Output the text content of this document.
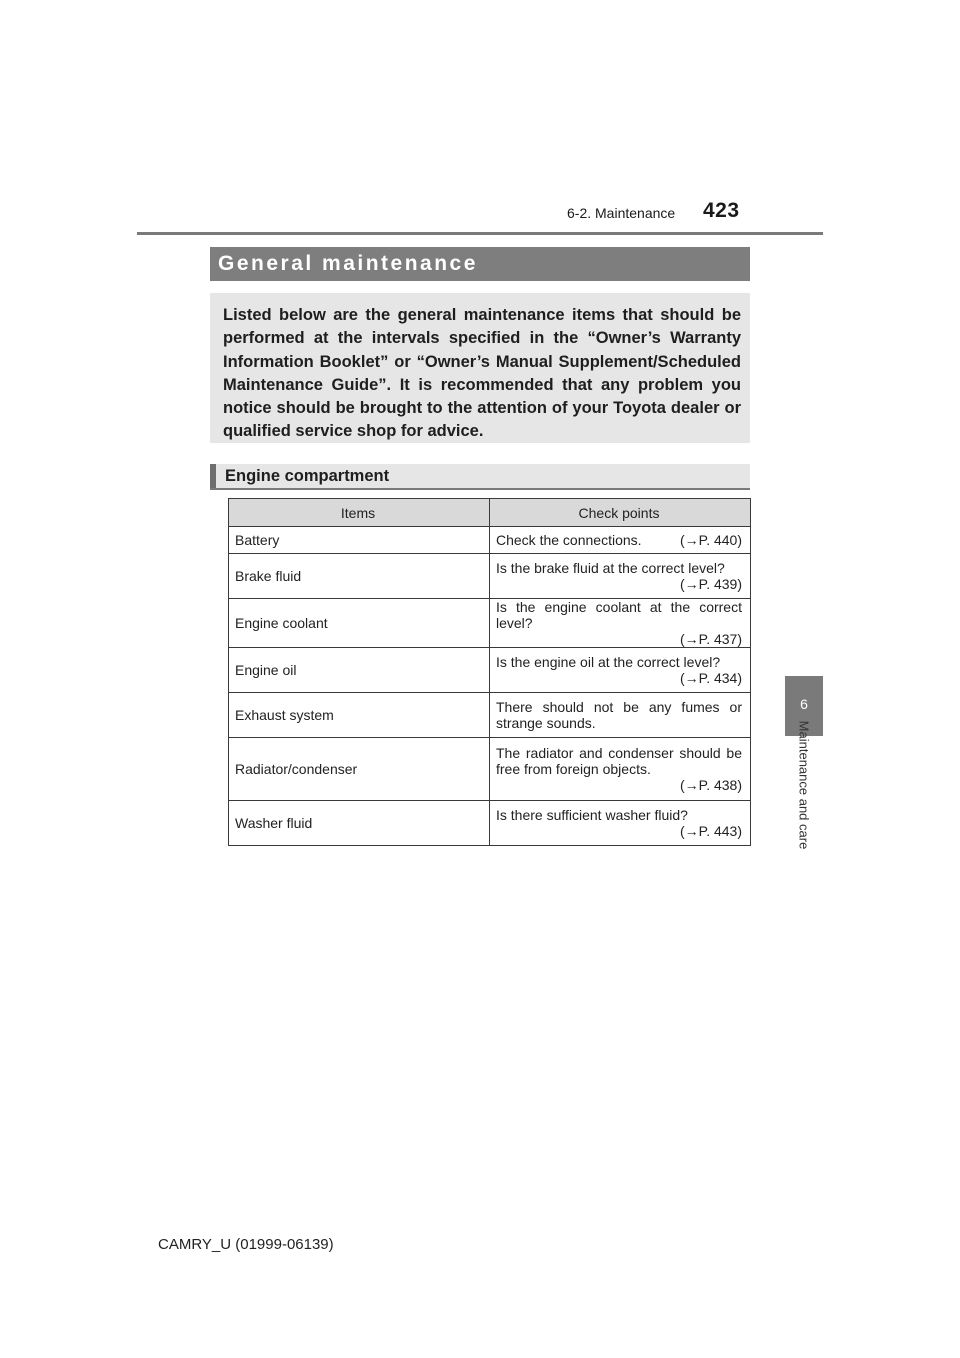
6-2. Maintenance 423
6
Maintenance and care
General maintenance
Listed below are the general maintenance items that should be performed at the intervals specified in the “Owner’s Warranty Information Booklet” or “Owner’s Manual Supplement/Scheduled Maintenance Guide”. It is recommended that any problem you notice should be brought to the attention of your Toyota dealer or qualified service shop for advice.
Engine compartment
Items	Check points
Battery	Check the connections. (→P. 440)

Brake fluid	Is the brake fluid at the correct level?
(→P. 439)

Engine coolant	Is the engine coolant at the correct level?
(→P. 437)

Engine oil	Is the engine oil at the correct level?
(→P. 434)

Exhaust system	There should not be any fumes or strange sounds.
Radiator/condenser	The radiator and condenser should be free from foreign objects.
(→P. 438)

Washer fluid	Is there sufficient washer fluid?
(→P. 443)
CAMRY_U (01999-06139)
